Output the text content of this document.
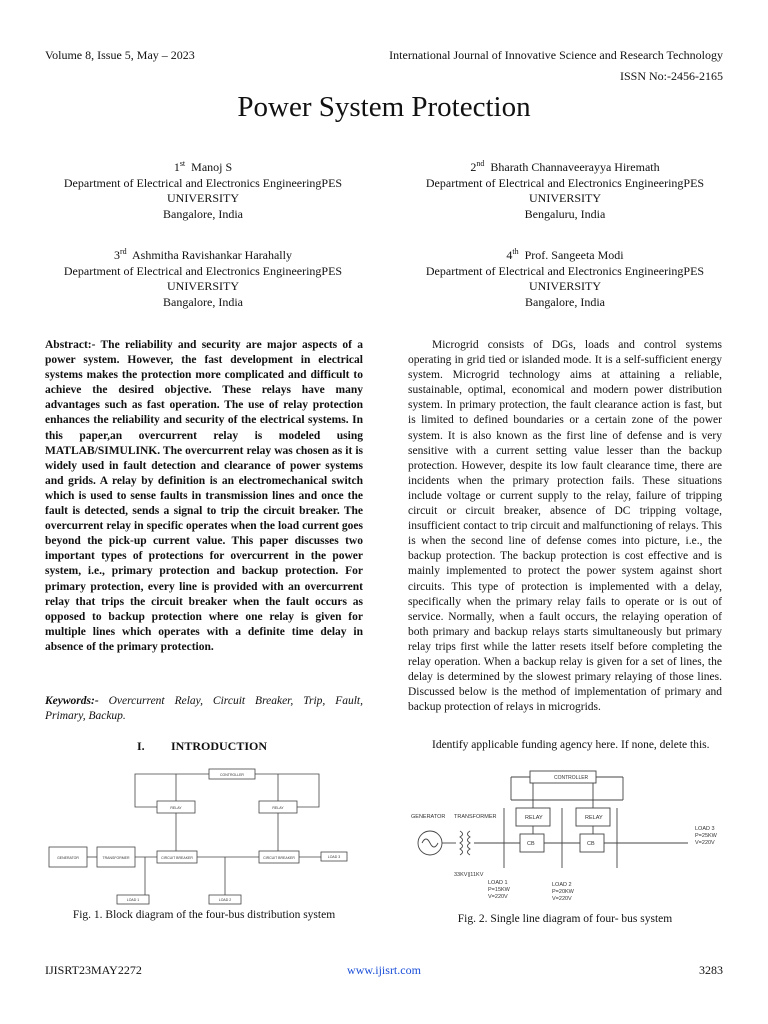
Volume 8, Issue 5, May – 2023	International Journal of Innovative Science and Research Technology
ISSN No:-2456-2165
Power System Protection
1st Manoj S
Department of Electrical and Electronics EngineeringPES
UNIVERSITY
Bangalore, India
2nd Bharath Channaveerayya Hiremath
Department of Electrical and Electronics EngineeringPES
UNIVERSITY
Bengaluru, India
3rd Ashmitha Ravishankar Harahally
Department of Electrical and Electronics EngineeringPES
UNIVERSITY
Bangalore, India
4th Prof. Sangeeta Modi
Department of Electrical and Electronics EngineeringPES
UNIVERSITY
Bangalore, India
Abstract:- The reliability and security are major aspects of a power system. However, the fast development in electrical systems makes the protection more complicated and difficult to achieve the desired objective. These relays have many advantages such as fast operation. The use of relay protection enhances the reliability and security of the electrical systems. In this paper,an overcurrent relay is modeled using MATLAB/SIMULINK. The overcurrent relay was chosen as it is widely used in fault detection and clearance of power systems and grids. A relay by definition is an electromechanical switch which is used to sense faults in transmission lines and once the fault is detected, sends a signal to trip the circuit breaker. The overcurrent relay in specific operates when the load current goes beyond the pick-up current value. This paper discusses two important types of protections for overcurrent in the power system, i.e., primary protection and backup protection. For primary protection, every line is provided with an overcurrent relay that trips the circuit breaker when the fault occurs as opposed to backup protection where one relay is given for multiple lines which operates with a definite time delay in absence of the primary protection.
Keywords:- Overcurrent Relay, Circuit Breaker, Trip, Fault, Primary, Backup.
I. INTRODUCTION
Microgrid consists of DGs, loads and control systems operating in grid tied or islanded mode. It is a self-sufficient energy system. Microgrid technology aims at attaining a reliable, sustainable, optimal, economical and modern power distribution system. In primary protection, the fault clearance action is fast, but is limited to defined boundaries or a certain zone of the power system. It is also known as the first line of defense and is very sensitive with a current setting value lesser than the backup protection. However, despite its low fault clearance time, there are incidents when the primary protection fails. These situations include voltage or current supply to the relay, failure of tripping circuit or circuit breaker, absence of DC tripping voltage, insufficient contact to trip circuit and malfunctioning of relays. This is when the second line of defense comes into picture, i.e., the backup protection. The backup protection is cost effective and is mainly implemented to protect the power system against short circuits. This type of protection is implemented with a delay, specifically when the primary relay fails to operate or is out of service. Normally, when a fault occurs, the relaying operation of both primary and backup relays starts simultaneously but primary relay trips first while the latter resets itself before completing the relay operation. When a backup relay is given for a set of lines, the delay is determined by the slowest primary relaying of those lines. Discussed below is the method of implementation of primary and backup protection of relays in microgrids.
Identify applicable funding agency here. If none, delete this.
CONTROLLER
RELAY	RELAY
GENERATOR	TRANSFORMER	CIRCUIT BREAKER	CIRCUIT BREAKER	LOAD 3
LOAD 1	LOAD 2
Fig. 1. Block diagram of the four-bus distribution system
CONTROLLER
GENERATOR TRANSFORMER	RELAY	RELAY
CB	CB
33KV||11KV
LOAD 1
P=15KW
V=220V
LOAD 2
P=20KW
V=220V
LOAD 3
P=25KW
V=220V
Fig. 2. Single line diagram of four- bus system
IJISRT23MAY2272	www.ijisrt.com	3283
